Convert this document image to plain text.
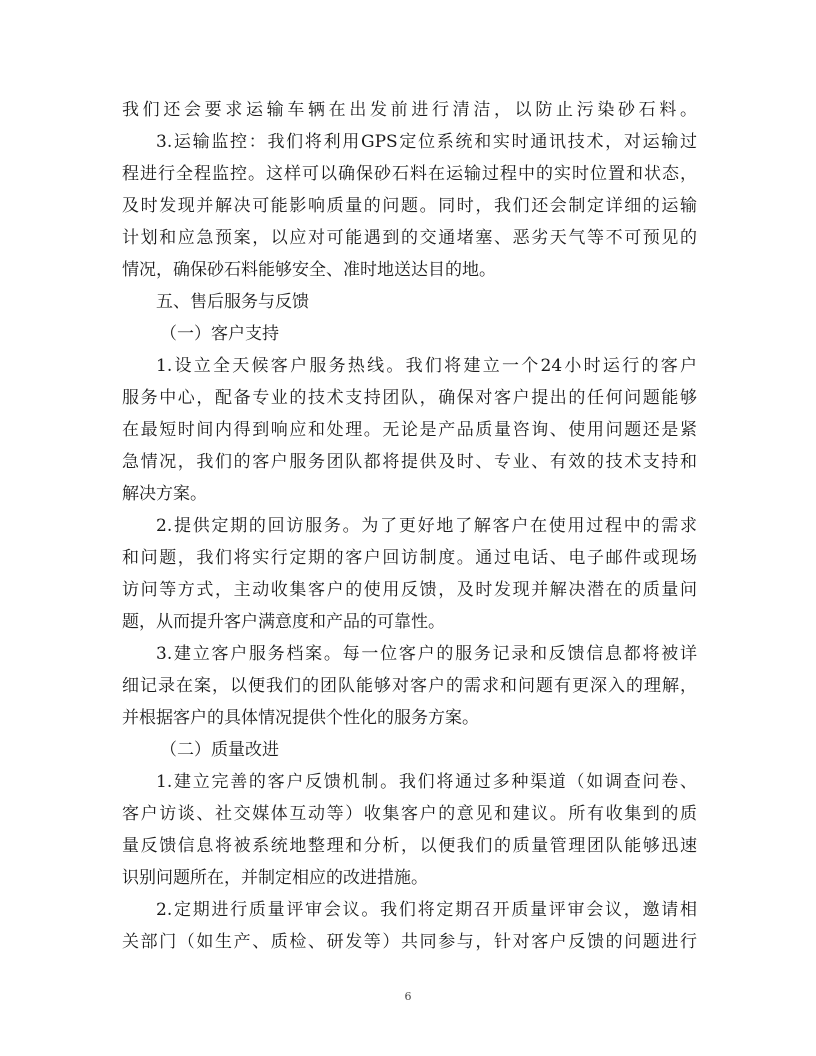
我们还会要求运输车辆在出发前进行清洁，以防止污染砂石料。
3.运输监控：我们将利用GPS定位系统和实时通讯技术，对运输过
程进行全程监控。这样可以确保砂石料在运输过程中的实时位置和状态，
及时发现并解决可能影响质量的问题。同时，我们还会制定详细的运输
计划和应急预案，以应对可能遇到的交通堵塞、恶劣天气等不可预见的
情况，确保砂石料能够安全、准时地送达目的地。
五、售后服务与反馈
（一）客户支持
1.设立全天候客户服务热线。我们将建立一个24小时运行的客户
服务中心，配备专业的技术支持团队，确保对客户提出的任何问题能够
在最短时间内得到响应和处理。无论是产品质量咨询、使用问题还是紧
急情况，我们的客户服务团队都将提供及时、专业、有效的技术支持和
解决方案。
2.提供定期的回访服务。为了更好地了解客户在使用过程中的需求
和问题，我们将实行定期的客户回访制度。通过电话、电子邮件或现场
访问等方式，主动收集客户的使用反馈，及时发现并解决潜在的质量问
题，从而提升客户满意度和产品的可靠性。
3.建立客户服务档案。每一位客户的服务记录和反馈信息都将被详
细记录在案，以便我们的团队能够对客户的需求和问题有更深入的理解，
并根据客户的具体情况提供个性化的服务方案。
（二）质量改进
1.建立完善的客户反馈机制。我们将通过多种渠道（如调查问卷、
客户访谈、社交媒体互动等）收集客户的意见和建议。所有收集到的质
量反馈信息将被系统地整理和分析，以便我们的质量管理团队能够迅速
识别问题所在，并制定相应的改进措施。
2.定期进行质量评审会议。我们将定期召开质量评审会议，邀请相
关部门（如生产、质检、研发等）共同参与，针对客户反馈的问题进行
6
